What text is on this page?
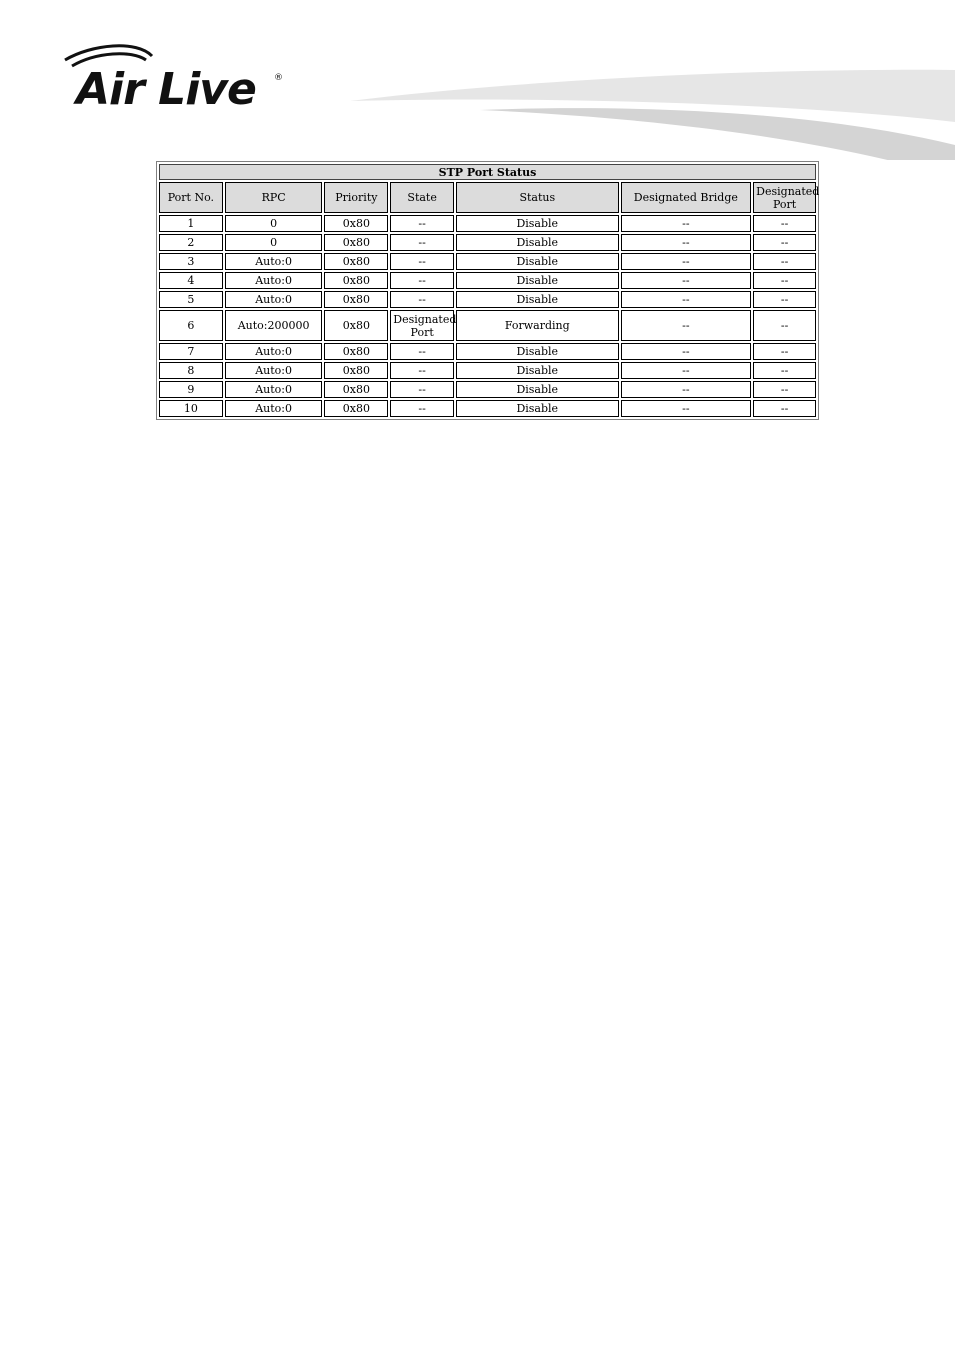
Air Live ®
STP Port Status						
Port No.	RPC	Priority	State	Status	Designated Bridge	Designated Port
1	0	0x80	--	Disable	--	--
2	0	0x80	--	Disable	--	--
3	Auto:0	0x80	--	Disable	--	--
4	Auto:0	0x80	--	Disable	--	--
5	Auto:0	0x80	--	Disable	--	--
6	Auto:200000	0x80	Designated Port	Forwarding	--	--
7	Auto:0	0x80	--	Disable	--	--
8	Auto:0	0x80	--	Disable	--	--
9	Auto:0	0x80	--	Disable	--	--
10	Auto:0	0x80	--	Disable	--	--
